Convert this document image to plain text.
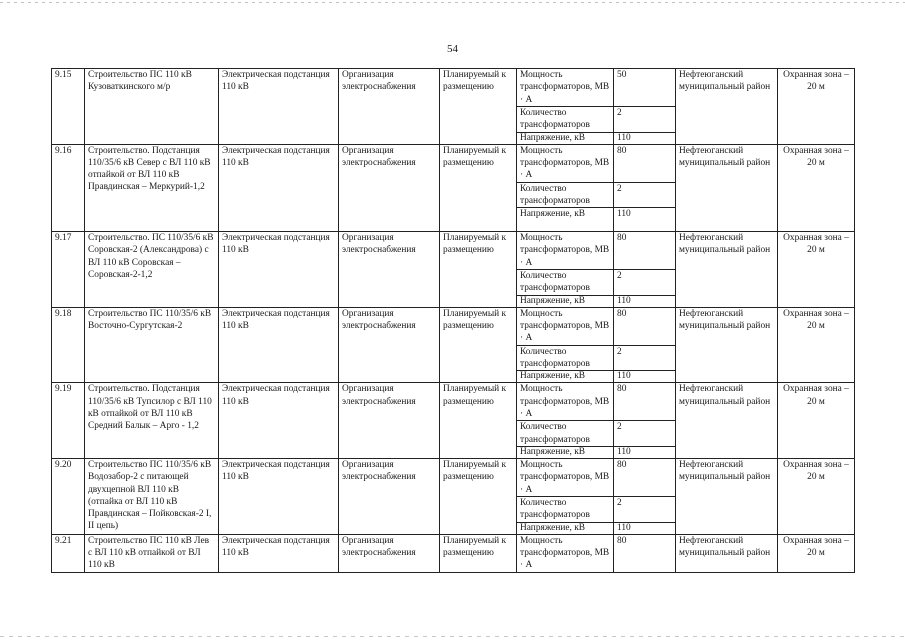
54
9.15	Строительство ПС 110 кВ Кузоваткинского м/р	Электрическая подстанция 110 кВ	Организация электроснабжения	Планируемый к размещению	Мощность трансформаторов, МВ · А	50	Нефтеюганский муниципальный район	Охранная зона – 20 м
					Количество трансформаторов	2		
					Напряжение, кВ	110		
9.16	Строительство. Подстанция 110/35/6 кВ Север с ВЛ 110 кВ отпайкой от ВЛ 110 кВ Правдинская – Меркурий-1,2	Электрическая подстанция 110 кВ	Организация электроснабжения	Планируемый к размещению	Мощность трансформаторов, МВ · А	80	Нефтеюганский муниципальный район	Охранная зона – 20 м
					Количество трансформаторов	2		
					Напряжение, кВ	110		
9.17	Строительство. ПС 110/35/6 кВ Соровская-2 (Александрова) с ВЛ 110 кВ Соровская – Соровская-2-1,2	Электрическая подстанция 110 кВ	Организация электроснабжения	Планируемый к размещению	Мощность трансформаторов, МВ · А	80	Нефтеюганский муниципальный район	Охранная зона – 20 м
					Количество трансформаторов	2		
					Напряжение, кВ	110		
9.18	Строительство ПС 110/35/6 кВ Восточно-Сургутская-2	Электрическая подстанция 110 кВ	Организация электроснабжения	Планируемый к размещению	Мощность трансформаторов, МВ · А	80	Нефтеюганский муниципальный район	Охранная зона – 20 м
					Количество трансформаторов	2		
					Напряжение, кВ	110		
9.19	Строительство. Подстанция 110/35/6 кВ Тупсилор с ВЛ 110 кВ отпайкой от ВЛ 110 кВ Средний Балык – Арго - 1,2	Электрическая подстанция 110 кВ	Организация электроснабжения	Планируемый к размещению	Мощность трансформаторов, МВ · А	80	Нефтеюганский муниципальный район	Охранная зона – 20 м
					Количество трансформаторов	2		
					Напряжение, кВ	110		
9.20	Строительство ПС 110/35/6 кВ Водозабор-2 с питающей двухцепной ВЛ 110 кВ (отпайка от ВЛ 110 кВ Правдинская – Пойковская-2 I, II цепь)	Электрическая подстанция 110 кВ	Организация электроснабжения	Планируемый к размещению	Мощность трансформаторов, МВ · А	80	Нефтеюганский муниципальный район	Охранная зона – 20 м
					Количество трансформаторов	2		
					Напряжение, кВ	110		
9.21	Строительство ПС 110 кВ Лев с ВЛ 110 кВ отпайкой от ВЛ 110 кВ	Электрическая подстанция 110 кВ	Организация электроснабжения	Планируемый к размещению	Мощность трансформаторов, МВ · А	80	Нефтеюганский муниципальный район	Охранная зона – 20 м
